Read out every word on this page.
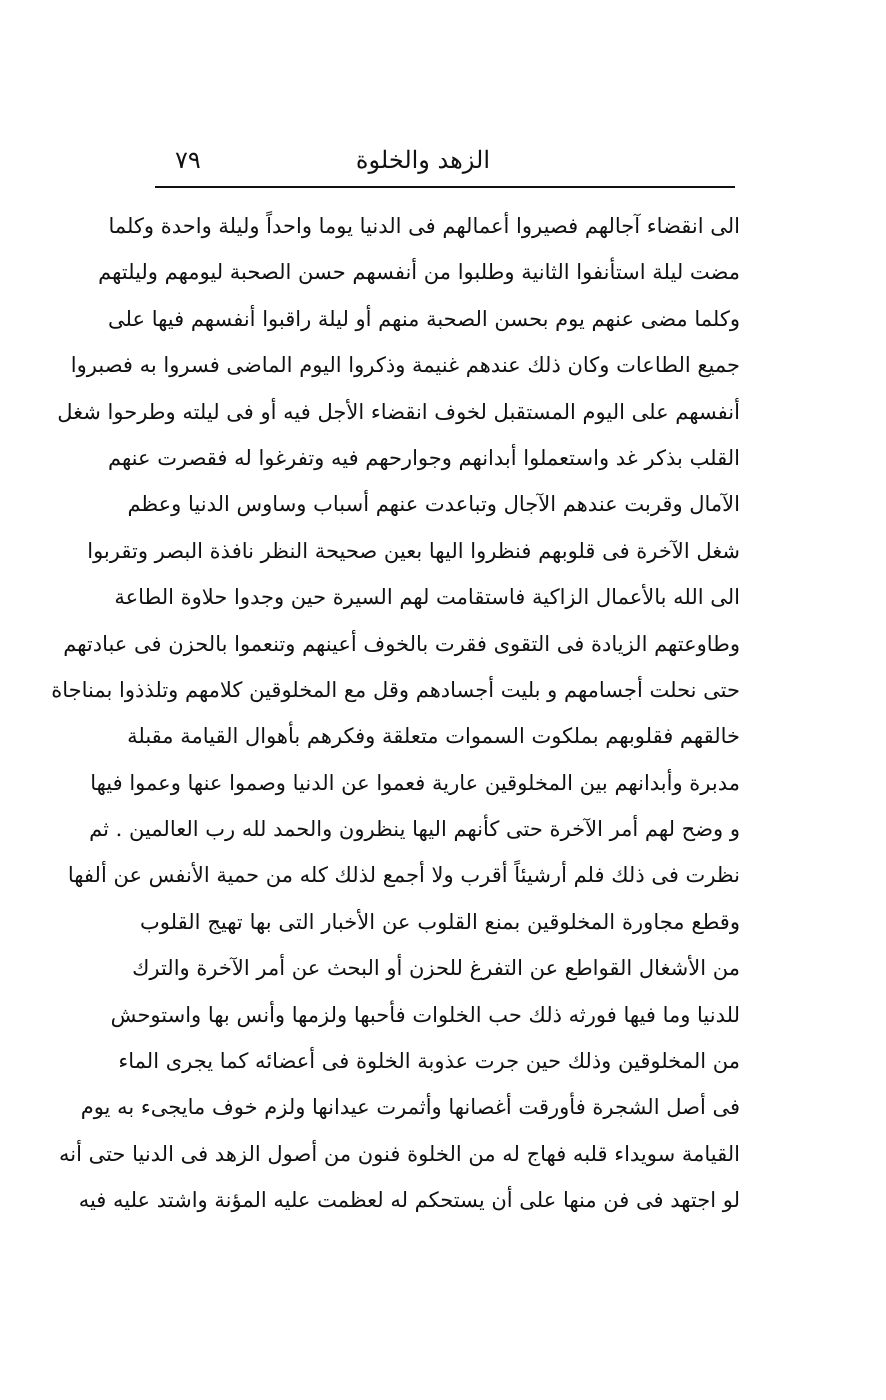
الزهد والخلوة
٧٩
الى انقضاء آجالهم فصيروا أعمالهم فى الدنيا يوما واحداً وليلة واحدة وكلما
مضت ليلة استأنفوا الثانية وطلبوا من أنفسهم حسن الصحبة ليومهم وليلتهم
وكلما مضى عنهم يوم بحسن الصحبة منهم أو ليلة راقبوا أنفسهم فيها على
جميع الطاعات وكان ذلك عندهم غنيمة وذكروا اليوم الماضى فسروا به فصبروا
أنفسهم على اليوم المستقبل لخوف انقضاء الأجل فيه أو فى ليلته وطرحوا شغل
القلب بذكر غد واستعملوا أبدانهم وجوارحهم فيه وتفرغوا له فقصرت عنهم
الآمال وقربت عندهم الآجال وتباعدت عنهم أسباب وساوس الدنيا وعظم
شغل الآخرة فى قلوبهم فنظروا اليها بعين صحيحة النظر نافذة البصر وتقربوا
الى الله بالأعمال الزاكية فاستقامت لهم السيرة حين وجدوا حلاوة الطاعة
وطاوعتهم الزيادة فى التقوى فقرت بالخوف أعينهم وتنعموا بالحزن فى عبادتهم
حتى نحلت أجسامهم و بليت أجسادهم وقل مع المخلوقين كلامهم وتلذذوا بمناجاة
خالقهم فقلوبهم بملكوت السموات متعلقة وفكرهم بأهوال القيامة مقبلة
مدبرة وأبدانهم بين المخلوقين عارية فعموا عن الدنيا وصموا عنها وعموا فيها
و وضح لهم أمر الآخرة حتى كأنهم اليها ينظرون والحمد لله رب العالمين . ثم
نظرت فى ذلك فلم أرشيئاً أقرب ولا أجمع لذلك كله من حمية الأنفس عن ألفها
وقطع مجاورة المخلوقين بمنع القلوب عن الأخبار التى بها تهيج القلوب
من الأشغال القواطع عن التفرغ للحزن أو البحث عن أمر الآخرة والترك
للدنيا وما فيها فورثه ذلك حب الخلوات فأحبها ولزمها وأنس بها واستوحش
من المخلوقين وذلك حين جرت عذوبة الخلوة فى أعضائه كما يجرى الماء
فى أصل الشجرة فأورقت أغصانها وأثمرت عيدانها ولزم خوف مايجىء به يوم
القيامة سويداء قلبه فهاج له من الخلوة فنون من أصول الزهد فى الدنيا حتى أنه
لو اجتهد فى فن منها على أن يستحكم له لعظمت عليه المؤنة واشتد عليه فيه
